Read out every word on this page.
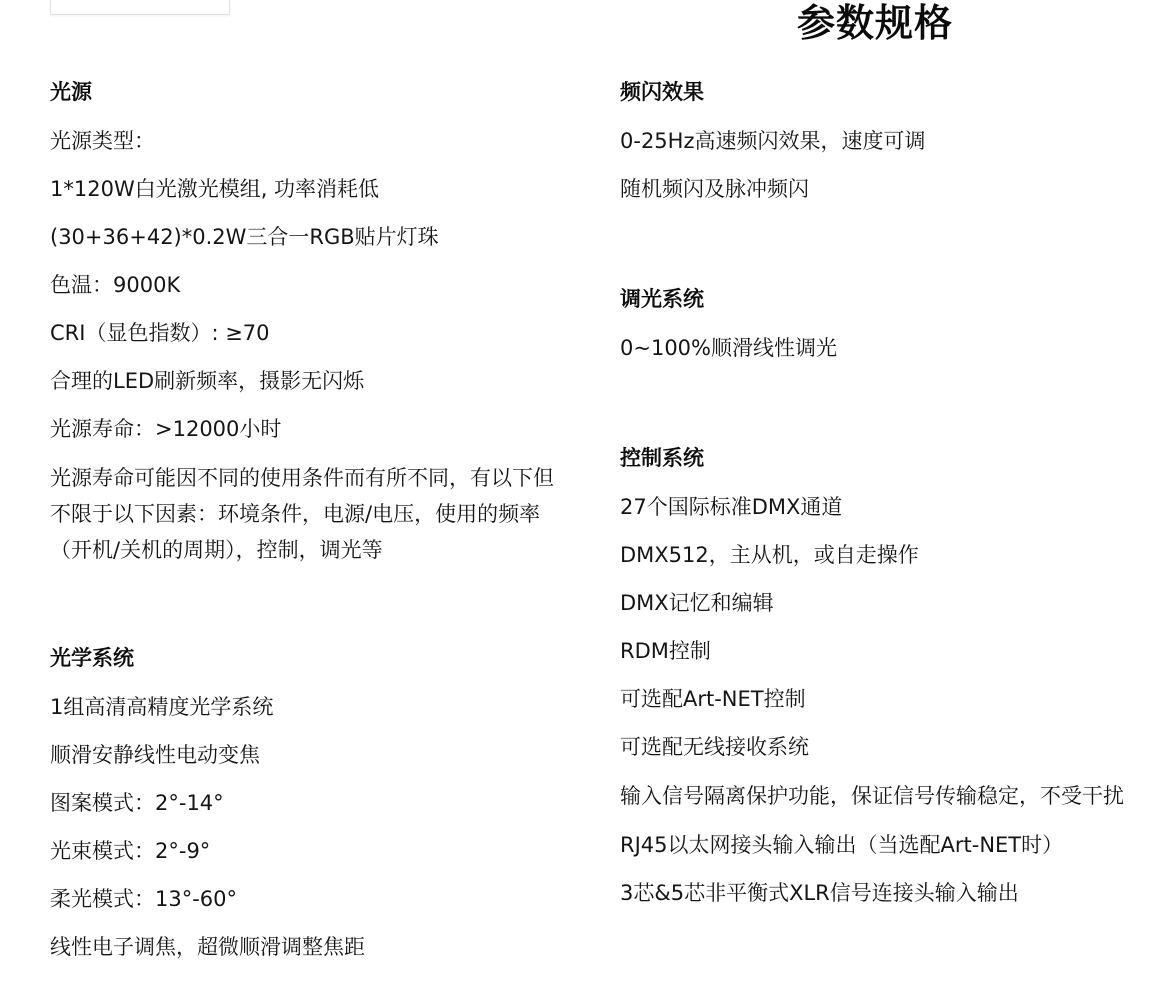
参数规格
光源
光源类型：
1*120W白光激光模组, 功率消耗低
(30+36+42)*0.2W三合一RGB贴片灯珠
色温：9000K
CRI（显色指数）: ≥70
合理的LED刷新频率，摄影无闪烁
光源寿命：>12000小时
光源寿命可能因不同的使用条件而有所不同，有以下但不限于以下因素：环境条件，电源/电压，使用的频率（开机/关机的周期），控制，调光等
光学系统
1组高清高精度光学系统
顺滑安静线性电动变焦
图案模式：2°-14°
光束模式：2°-9°
柔光模式：13°-60°
线性电子调焦，超微顺滑调整焦距
频闪效果
0-25Hz高速频闪效果，速度可调
随机频闪及脉冲频闪
调光系统
0~100%顺滑线性调光
控制系统
27个国际标准DMX通道
DMX512，主从机，或自走操作
DMX记忆和编辑
RDM控制
可选配Art-NET控制
可选配无线接收系统
输入信号隔离保护功能，保证信号传输稳定，不受干扰
RJ45以太网接头输入输出（当选配Art-NET时）
3芯&5芯非平衡式XLR信号连接头输入输出
